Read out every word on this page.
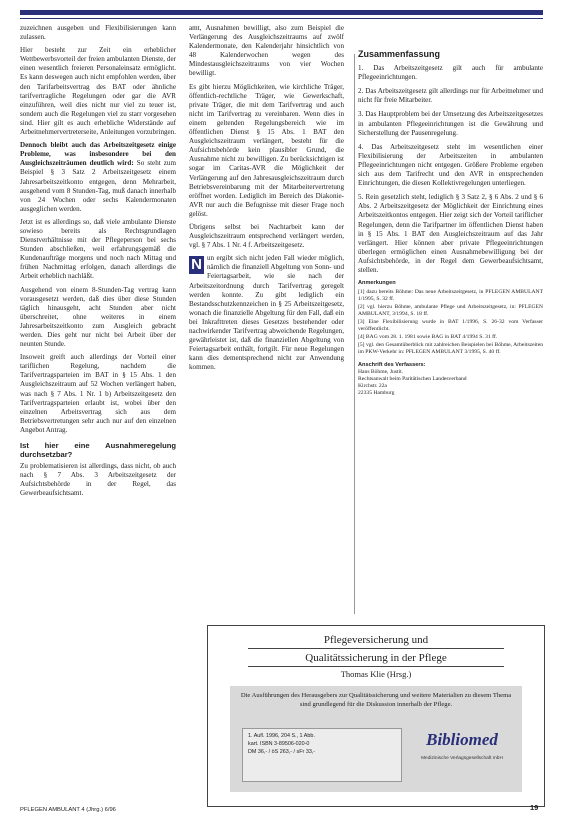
zuzeichnen ausgeben und Flexibilisierungen kann zulassen.

Hier besteht zur Zeit ein erheblicher Wettbewerbsvorteil der freien ambulanten Dienste, der einen wesentlich freieren Personaleinsatz ermöglicht. Es kann deswegen auch nicht empfohlen werden, über den Tarifarbeitsvertrag des BAT oder ähnliche tarifvertragliche Regelungen oder gar die AVR einzuführen, weil dies nicht nur viel zu teuer ist, sondern auch die Regelungen viel zu starr vorgesehen sind. Hier gilt es auch erhebliche Widerstände auf Arbeitnehmervertreterseite, Anleitungen vorzubringen.

Dennoch bleibt auch das Arbeitszeitgesetz einige Probleme, was insbesondere bei den Ausgleichszeiträumen deutlich wird: So steht zum Beispiel § 3 Satz 2 Arbeitszeitgesetz einem Jahresarbeitszeitkonto entgegen, denn Mehrarbeit, ausgehend vom 8 Stunden-Tag, muß danach innerhalb von 24 Wochen oder sechs Kalendermonaten ausgeglichen werden.

Jetzt ist es allerdings so, daß viele ambulante Dienste sowieso bereits als Rechtsgrundlagen Dienstverhältnisse mit der Pflegeperson bei sechs Stunden abschließen, weil erfahrungsgemäß die Kundenaufträge morgens und noch nach Mittag und frühen Nachmittag erfolgen, danach allerdings die Arbeit erheblich nachläßt.

Ausgehend von einem 8-Stunden-Tag vertrag kann vorausgesetzt werden, daß dies über diese Stunden täglich hinausgeht, acht Stunden aber nicht überschreitet, ohne weiteres in einem Jahresarbeitszeitkonto zum Ausgleich gebracht werden. Dies geht nur nicht bei Arbeit über der neunten Stunde.

Insoweit greift auch allerdings der Vorteil einer tariflichen Regelung, nachdem die Tarifvertragsparteien im BAT in § 15 Abs. 1 den Ausgleichszeitraum auf 52 Wochen verlängert haben, was nach § 7 Abs. 1 Nr. 1 b) Arbeitszeitgesetz den Tarifvertragsparteien erlaubt ist, wobei über den einzelnen Arbeitsvertrag sich aus dem Betriebsvertretungen sehr auch nur auf den einzelnen Angebot Antrag.

Ist hier eine Ausnahmeregelung durchsetzbar?

Zu problematisieren ist allerdings, dass nicht, ob auch nach § 7 Abs. 3 Arbeitszeitgesetz der Aufsichtsbehörde in der Regel, das Gewerbeaufsichtsamt.

amt, Ausnahmen bewilligt, also zum Beispiel die Verlängerung des Ausgleichszeitraums auf zwölf Kalendermonate, den Kalenderjahr hinsichtlich von 48 Kalenderwochen wegen des Mindestausgleichszeitraums von vier Wochen bewilligt.

Es gibt hierzu Möglichkeiten, wie kirchliche Träger, öffentlich-rechtliche Träger, wie Gewerkschaft, private Träger, die mit dem Tarifvertrag und auch nicht im Tarifvertrag zu vereinbaren. Wenn dies in einem geltenden Regelungsbereich wie im öffentlichen Dienst § 15 Abs. 1 BAT den Ausgleichszeitraum verlängert, besteht für die Aufsichtsbehörde kein plausibler Grund, die Ausnahme nicht zu bewilligen. Zu berücksichtigen ist sogar im Caritas-AVR die Möglichkeit der Verlängerung auf den Jahresausgleichszeitraum durch Betriebsvereinbarung mit der Mitarbeitervertretung eröffnet worden. Lediglich im Bereich des Diakonie-AVR nur auch die Befugnisse mit dieser Frage noch gelöst.

Übrigens selbst bei Nachtarbeit kann der Ausgleichszeitraum entsprechend verlängert werden, vgl. § 7 Abs. 1 Nr. 4 f. Arbeitszeitgesetz.

N un ergibt sich nicht jeden Fall wieder möglich, nämlich die finanziell Abgeltung von Sonn- und Feiertagsarbeit, wie sie nach der Arbeitszeitordnung durch Tarifvertrag geregelt werden konnte. Zu gibt lediglich ein Bestandsschutzkennzeichen in § 25 Arbeitszeitgesetz, wonach die finanzielle Abgeltung für den Fall, daß ein bei Inkrafttreten dieses Gesetzes bestehender oder nachwirkender Tarifvertrag abweichende Regelungen, gewährleistet ist, daß die finanziellen Abgeltung von Feiertagsarbeit enthält, fortgilt. Für neue Regelungen kann dies dementsprechend nicht zur Anwendung kommen.

Zusammenfassung

1. Das Arbeitszeitgesetz gilt auch für ambulante Pflegeeinrichtungen.

2. Das Arbeitszeitgesetz gilt allerdings nur für Arbeitnehmer und nicht für freie Mitarbeiter.

3. Das Hauptproblem bei der Umsetzung des Arbeitszeitgesetzes in ambulanten Pflegeeinrichtungen ist die Gewährung und Sicherstellung der Pausenregelung.

4. Das Arbeitszeitgesetz steht im wesentlichen einer Flexibilisierung der Arbeitszeiten in ambulanten Pflegeeinrichtungen nicht entgegen. Größere Probleme ergeben sich aus dem Tarifrecht und den AVR in entsprechenden Einrichtungen, die diesen Kollektivregelungen unterliegen.

5. Rein gesetzlich steht, lediglich § 3 Satz 2, § 6 Abs. 2 und § 6 Abs. 2 Arbeitszeitgesetz der Möglichkeit der Einrichtung eines Arbeitszeitkontos entgegen. Hier zeigt sich der Vorteil tariflicher Regelungen, denn die Tarifpartner im öffentlichen Dienst haben in § 15 Abs. 1 BAT den Ausgleichszeitraum auf das Jahr verlängert. Hier können aber private Pflegeeinrichtungen überlegen ermöglichen einen Ausnahmebewilligung bei der Aufsichtsbehörde, in der Regel dem Gewerbeaufsichtsamt, stellen.

Anmerkungen
[1] dazu bereits Böhme: Das neue Arbeitszeitgesetz, in PFLEGEN AMBULANT 1/1995, S. 32 ff.
[2] vgl. hierzu Böhme, ambulante Pflege und Arbeitszeitgesetz, in: PFLEGEN AMBULANT, 3/1994, S. 18 ff.
[3] Eine Flexibilisierung wurde in BAT 1/1996, S. 26-32 vom Verfasser veröffentlicht.
[4] BAG vom 28. 1. 1981 sowie BAG in BAT 4/1994 S. 31 ff.
[5] vgl. den Gesamtüberblick mit zahlreichen Beispielen bei Böhme, Arbeitszeiten im PKW-Verkehr in: PFLEGEN AMBULANT 3/1995, S. 40 ff.
Anschrift des Verfassers:
Hans Böhme, Justit.
Rechtsanwalt beim Paritätischen Landesverband
Kirchstr. 22a
22335 Hamburg
Pflegeversicherung und
Qualitätssicherung in der Pflege
Thomas Klie (Hrsg.)
Die Ausführungen des Herausgebers zur Qualitätssicherung und weitere Materialien zu diesem Thema sind grundlegend für die Diskussion innerhalb der Pflege.
1. Aufl. 1996, 204 S., 1 Abb.
kart. ISBN 3-89506-020-0
DM 36,- / öS 263,- / sFr 33,-
Bibliomed
Medizinische Verlagsgesellschaft mbH
PFLEGEN AMBULANT 4 (Jhrg.) 6/96	19
